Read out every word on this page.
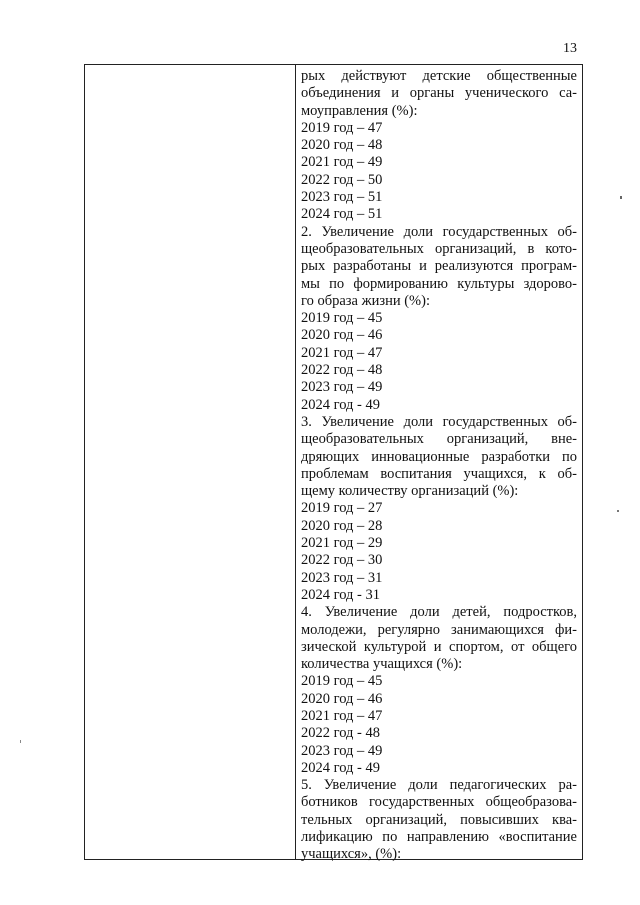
13
рых действуют детские общественные
объединения и органы ученического са-
моуправления (%):
2019 год – 47
2020 год – 48
2021 год – 49
2022 год – 50
2023 год – 51
2024 год – 51
2. Увеличение доли государственных об-
щеобразовательных организаций, в кото-
рых разработаны и реализуются програм-
мы по формированию культуры здорово-
го образа жизни (%):
2019 год – 45
2020 год – 46
2021 год – 47
2022 год – 48
2023 год – 49
2024 год - 49
3. Увеличение доли государственных об-
щеобразовательных организаций, вне-
дряющих инновационные разработки по
проблемам воспитания учащихся, к об-
щему количеству организаций (%):
2019 год – 27
2020 год – 28
2021 год – 29
2022 год – 30
2023 год – 31
2024 год - 31
4. Увеличение доли детей, подростков,
молодежи, регулярно занимающихся фи-
зической культурой и спортом, от общего
количества учащихся (%):
2019 год – 45
2020 год – 46
2021 год – 47
2022 год - 48
2023 год – 49
2024 год - 49
5. Увеличение доли педагогических ра-
ботников государственных общеобразова-
тельных организаций, повысивших ква-
лификацию по направлению «воспитание
учащихся», (%):
